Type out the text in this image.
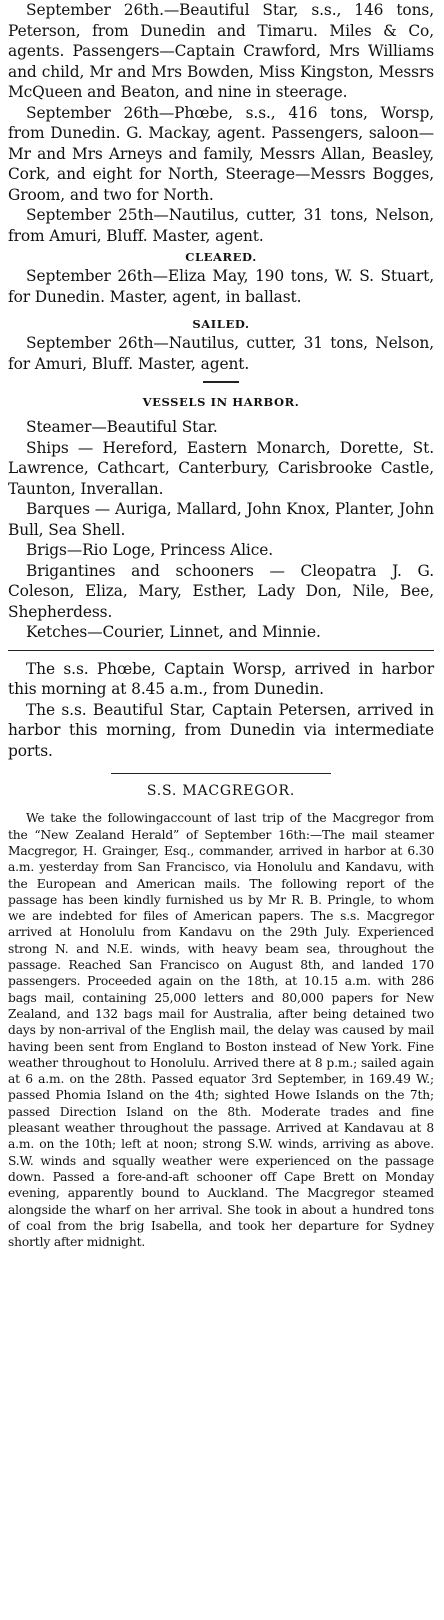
September 26th.—Beautiful Star, s.s., 146 tons, Peterson, from Dunedin and Timaru. Miles & Co, agents. Passengers—Captain Crawford, Mrs Williams and child, Mr and Mrs Bowden, Miss Kingston, Messrs McQueen and Beaton, and nine in steerage.

September 26th—Phœbe, s.s., 416 tons, Worsp, from Dunedin. G. Mackay, agent. Passengers, saloon—Mr and Mrs Arneys and family, Messrs Allan, Beasley, Cork, and eight for North, Steerage—Messrs Bogges, Groom, and two for North.

September 25th—Nautilus, cutter, 31 tons, Nelson, from Amuri, Bluff. Master, agent.

CLEARED.

September 26th—Eliza May, 190 tons, W. S. Stuart, for Dunedin. Master, agent, in ballast.

SAILED.

September 26th—Nautilus, cutter, 31 tons, Nelson, for Amuri, Bluff. Master, agent.

VESSELS IN HARBOR.

Steamer—Beautiful Star.

Ships — Hereford, Eastern Monarch, Dorette, St. Lawrence, Cathcart, Canterbury, Carisbrooke Castle, Taunton, Inverallan.

Barques — Auriga, Mallard, John Knox, Planter, John Bull, Sea Shell.

Brigs—Rio Loge, Princess Alice.

Brigantines and schooners — Cleopatra J. G. Coleson, Eliza, Mary, Esther, Lady Don, Nile, Bee, Shepherdess.

Ketches—Courier, Linnet, and Minnie.

The s.s. Phœbe, Captain Worsp, arrived in harbor this morning at 8.45 a.m., from Dunedin.

The s.s. Beautiful Star, Captain Petersen, arrived in harbor this morning, from Dunedin via intermediate ports.

S.S. MACGREGOR.

We take the followingaccount of last trip of the Macgregor from the “New Zealand Herald” of September 16th:—The mail steamer Macgregor, H. Grainger, Esq., commander, arrived in harbor at 6.30 a.m. yesterday from San Francisco, via Honolulu and Kandavu, with the European and American mails. The following report of the passage has been kindly furnished us by Mr R. B. Pringle, to whom we are indebted for files of American papers. The s.s. Macgregor arrived at Honolulu from Kandavu on the 29th July. Experienced strong N. and N.E. winds, with heavy beam sea, throughout the passage. Reached San Francisco on August 8th, and landed 170 passengers. Proceeded again on the 18th, at 10.15 a.m. with 286 bags mail, containing 25,000 letters and 80,000 papers for New Zealand, and 132 bags mail for Australia, after being detained two days by non-arrival of the English mail, the delay was caused by mail having been sent from England to Boston instead of New York. Fine weather throughout to Honolulu. Arrived there at 8 p.m.; sailed again at 6 a.m. on the 28th. Passed equator 3rd September, in 169.49 W.; passed Phomia Island on the 4th; sighted Howe Islands on the 7th; passed Direction Island on the 8th. Moderate trades and fine pleasant weather throughout the passage. Arrived at Kandavau at 8 a.m. on the 10th; left at noon; strong S.W. winds, arriving as above. S.W. winds and squally weather were experienced on the passage down. Passed a fore-and-aft schooner off Cape Brett on Monday evening, apparently bound to Auckland. The Macgregor steamed alongside the wharf on her arrival. She took in about a hundred tons of coal from the brig Isabella, and took her departure for Sydney shortly after midnight.
